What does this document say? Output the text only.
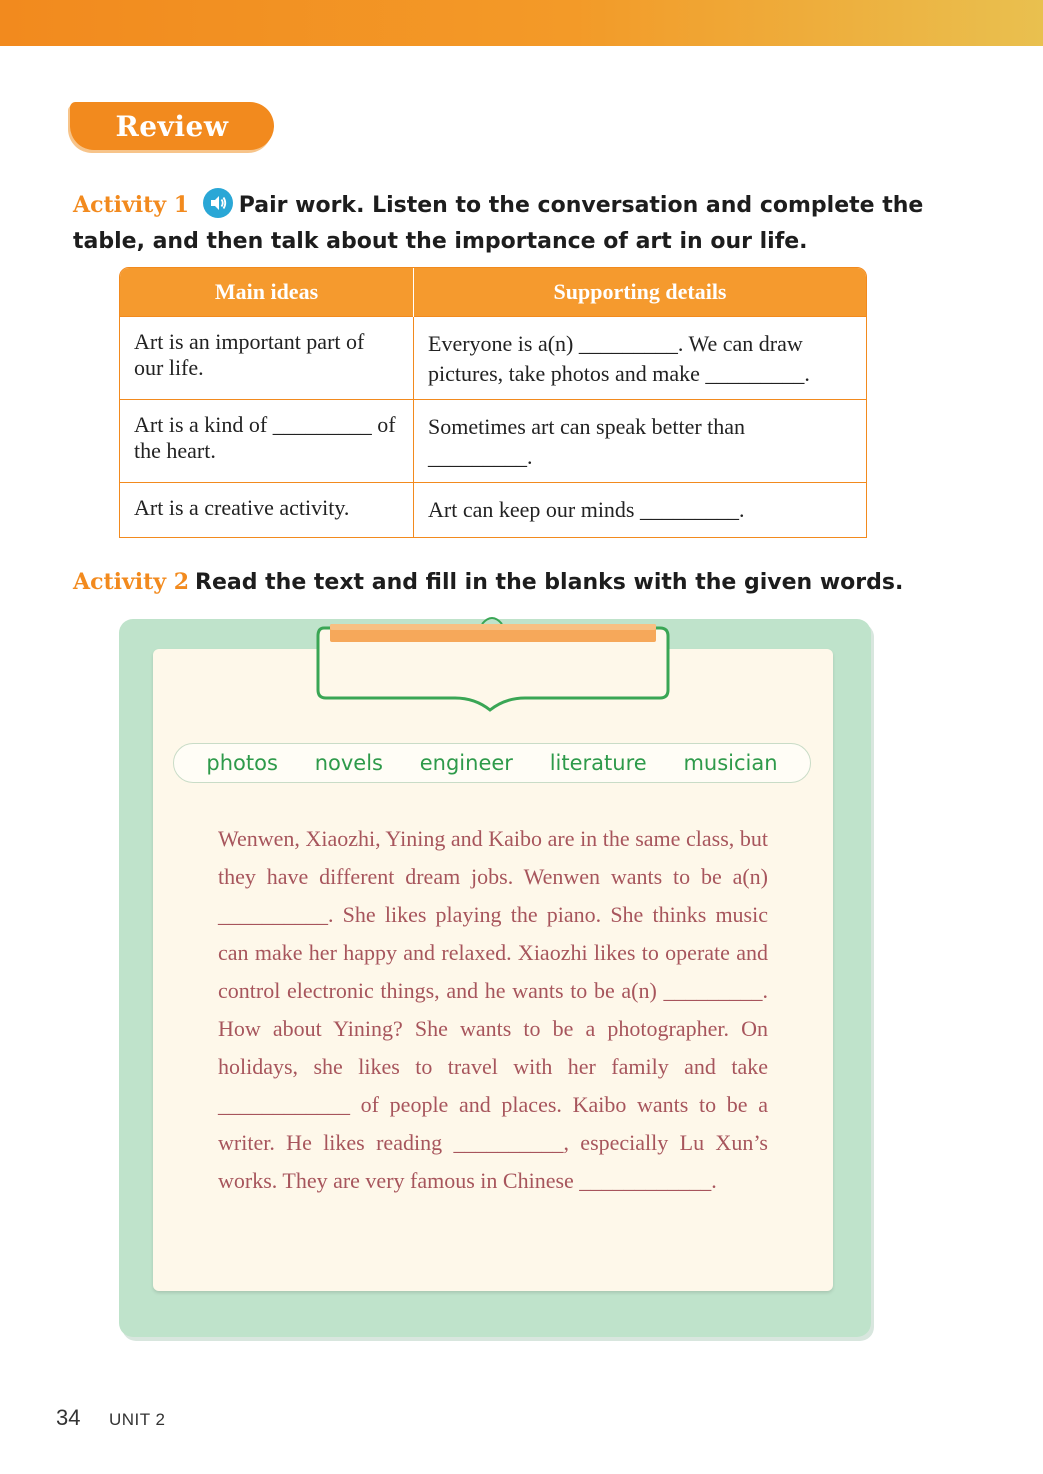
Review
Activity 1 Pair work. Listen to the conversation and complete the table, and then talk about the importance of art in our life.
Main ideas	Supporting details
Art is an important part of our life.	Everyone is a(n) _________. We can draw pictures, take photos and make _________.
Art is a kind of _________ of the heart.	Sometimes art can speak better than _________.
Art is a creative activity.	Art can keep our minds _________.
Activity 2 Read the text and fill in the blanks with the given words.
photos novels engineer literature musician
Wenwen, Xiaozhi, Yining and Kaibo are in the same class, but they have different dream jobs. Wenwen wants to be a(n) __________. She likes playing the piano. She thinks music can make her happy and relaxed. Xiaozhi likes to operate and control electronic things, and he wants to be a(n) _________. How about Yining? She wants to be a photographer. On holidays, she likes to travel with her family and take ____________ of people and places. Kaibo wants to be a writer. He likes reading __________, especially Lu Xun’s works. They are very famous in Chinese ____________.
34 UNIT 2
